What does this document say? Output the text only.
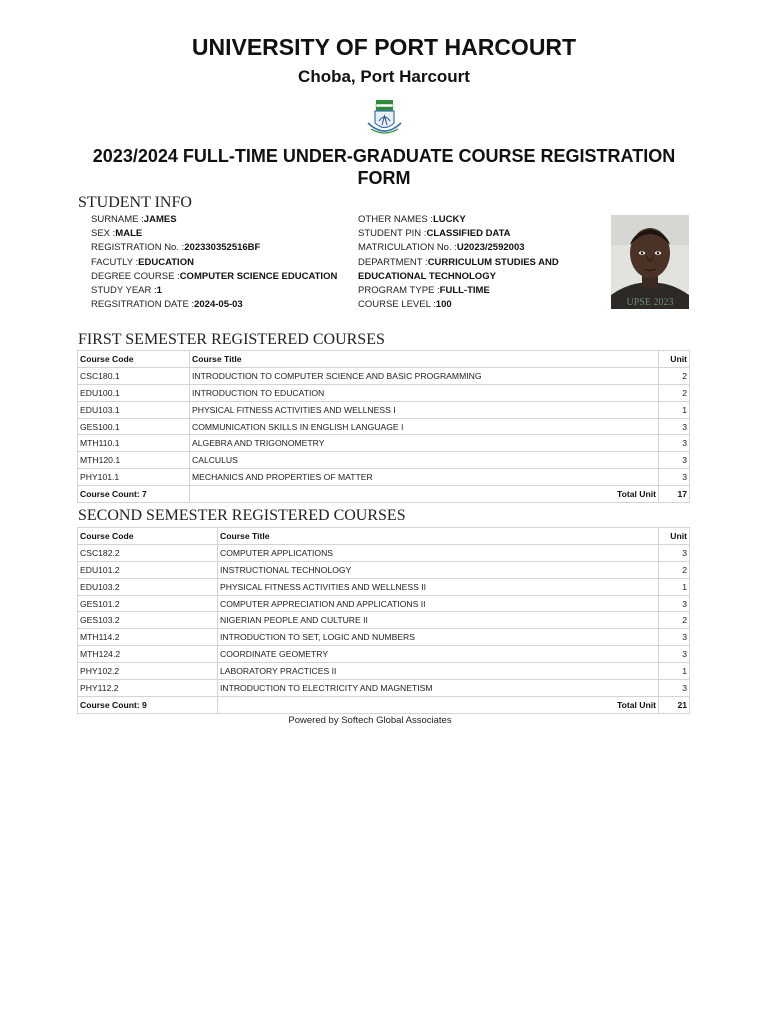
UNIVERSITY OF PORT HARCOURT
Choba, Port Harcourt
2023/2024 FULL-TIME UNDER-GRADUATE COURSE REGISTRATION FORM
STUDENT INFO
SURNAME :JAMES
SEX :MALE
REGISTRATION No. :202330352516BF
FACUTLY :EDUCATION
DEGREE COURSE :COMPUTER SCIENCE EDUCATION
STUDY YEAR :1
REGSITRATION DATE :2024-05-03
OTHER NAMES :LUCKY
STUDENT PIN :CLASSIFIED DATA
MATRICULATION No. :U2023/2592003
DEPARTMENT :CURRICULUM STUDIES AND EDUCATIONAL TECHNOLOGY
PROGRAM TYPE :FULL-TIME
COURSE LEVEL :100	UPSE 2023
FIRST SEMESTER REGISTERED COURSES
Course Code	Course Title	Unit
CSC180.1	INTRODUCTION TO COMPUTER SCIENCE AND BASIC PROGRAMMING	2
EDU100.1	INTRODUCTION TO EDUCATION	2
EDU103.1	PHYSICAL FITNESS ACTIVITIES AND WELLNESS I	1
GES100.1	COMMUNICATION SKILLS IN ENGLISH LANGUAGE I	3
MTH110.1	ALGEBRA AND TRIGONOMETRY	3
MTH120.1	CALCULUS	3
PHY101.1	MECHANICS AND PROPERTIES OF MATTER	3
Course Count: 7	Total Unit	17
SECOND SEMESTER REGISTERED COURSES
Course Code	Course Title	Unit
CSC182.2	COMPUTER APPLICATIONS	3
EDU101.2	INSTRUCTIONAL TECHNOLOGY	2
EDU103.2	PHYSICAL FITNESS ACTIVITIES AND WELLNESS II	1
GES101.2	COMPUTER APPRECIATION AND APPLICATIONS II	3
GES103.2	NIGERIAN PEOPLE AND CULTURE II	2
MTH114.2	INTRODUCTION TO SET, LOGIC AND NUMBERS	3
MTH124.2	COORDINATE GEOMETRY	3
PHY102.2	LABORATORY PRACTICES II	1
PHY112.2	INTRODUCTION TO ELECTRICITY AND MAGNETISM	3
Course Count: 9	Total Unit	21
Powered by Softech Global Associates
